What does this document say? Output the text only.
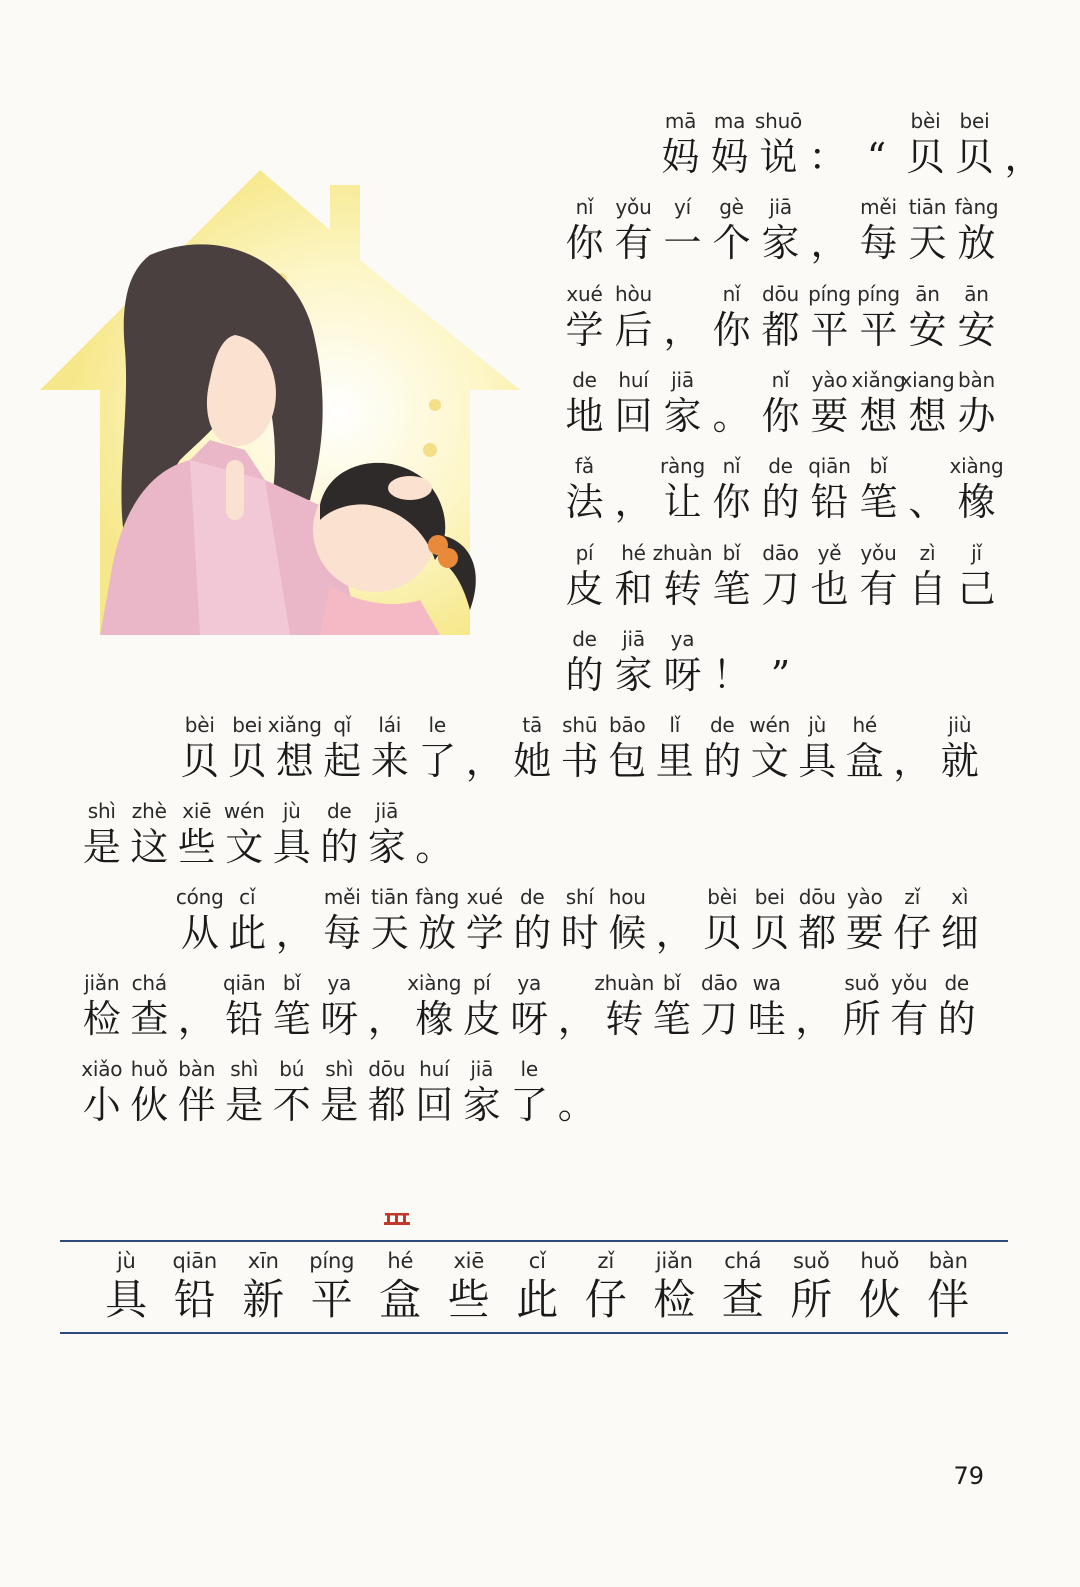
mā
妈
ma
妈
shuō
说 ： “
bèi
贝
bei
贝 ，
nǐ
你
yǒu
有
yí
一
gè
个
jiā
家 ，
měi
每
tiān
天
fàng
放
xué
学
hòu
后 ，
nǐ
你
dōu
都
píng
平
píng
平
ān
安
ān
安
de
地
huí
回
jiā
家 。
nǐ
你
yào
要
xiǎng
想
xiang
想
bàn
办
fǎ
法 ，
ràng
让
nǐ
你
de
的
qiān
铅
bǐ
笔 、
xiàng
橡
pí
皮
hé
和
zhuàn
转
bǐ
笔
dāo
刀
yě
也
yǒu
有
zì
自
jǐ
己
de
的
jiā
家
ya
呀 ！ ”
bèi
贝
bei
贝
xiǎng
想
qǐ
起
lái
来
le
了 ，
tā
她
shū
书
bāo
包
lǐ
里
de
的
wén
文
jù
具
hé
盒 ，
jiù
就
shì
是
zhè
这
xiē
些
wén
文
jù
具
de
的
jiā
家 。
cóng
从
cǐ
此 ，
měi
每
tiān
天
fàng
放
xué
学
de
的
shí
时
hou
候 ，
bèi
贝
bei
贝
dōu
都
yào
要
zǐ
仔
xì
细
jiǎn
检
chá
查 ，
qiān
铅
bǐ
笔
ya
呀 ，
xiàng
橡
pí
皮
ya
呀 ，
zhuàn
转
bǐ
笔
dāo
刀
wa
哇 ，
suǒ
所
yǒu
有
de
的
xiǎo
小
huǒ
伙
bàn
伴
shì
是
bú
不
shì
是
dōu
都
huí
回
jiā
家
le
了 。
jù
具
qiān
铅
xīn
新
píng
平
hé
盒
xiē
些
cǐ
此
zǐ
仔
jiǎn
检
chá
查
suǒ
所
huǒ
伙
bàn
伴
79
